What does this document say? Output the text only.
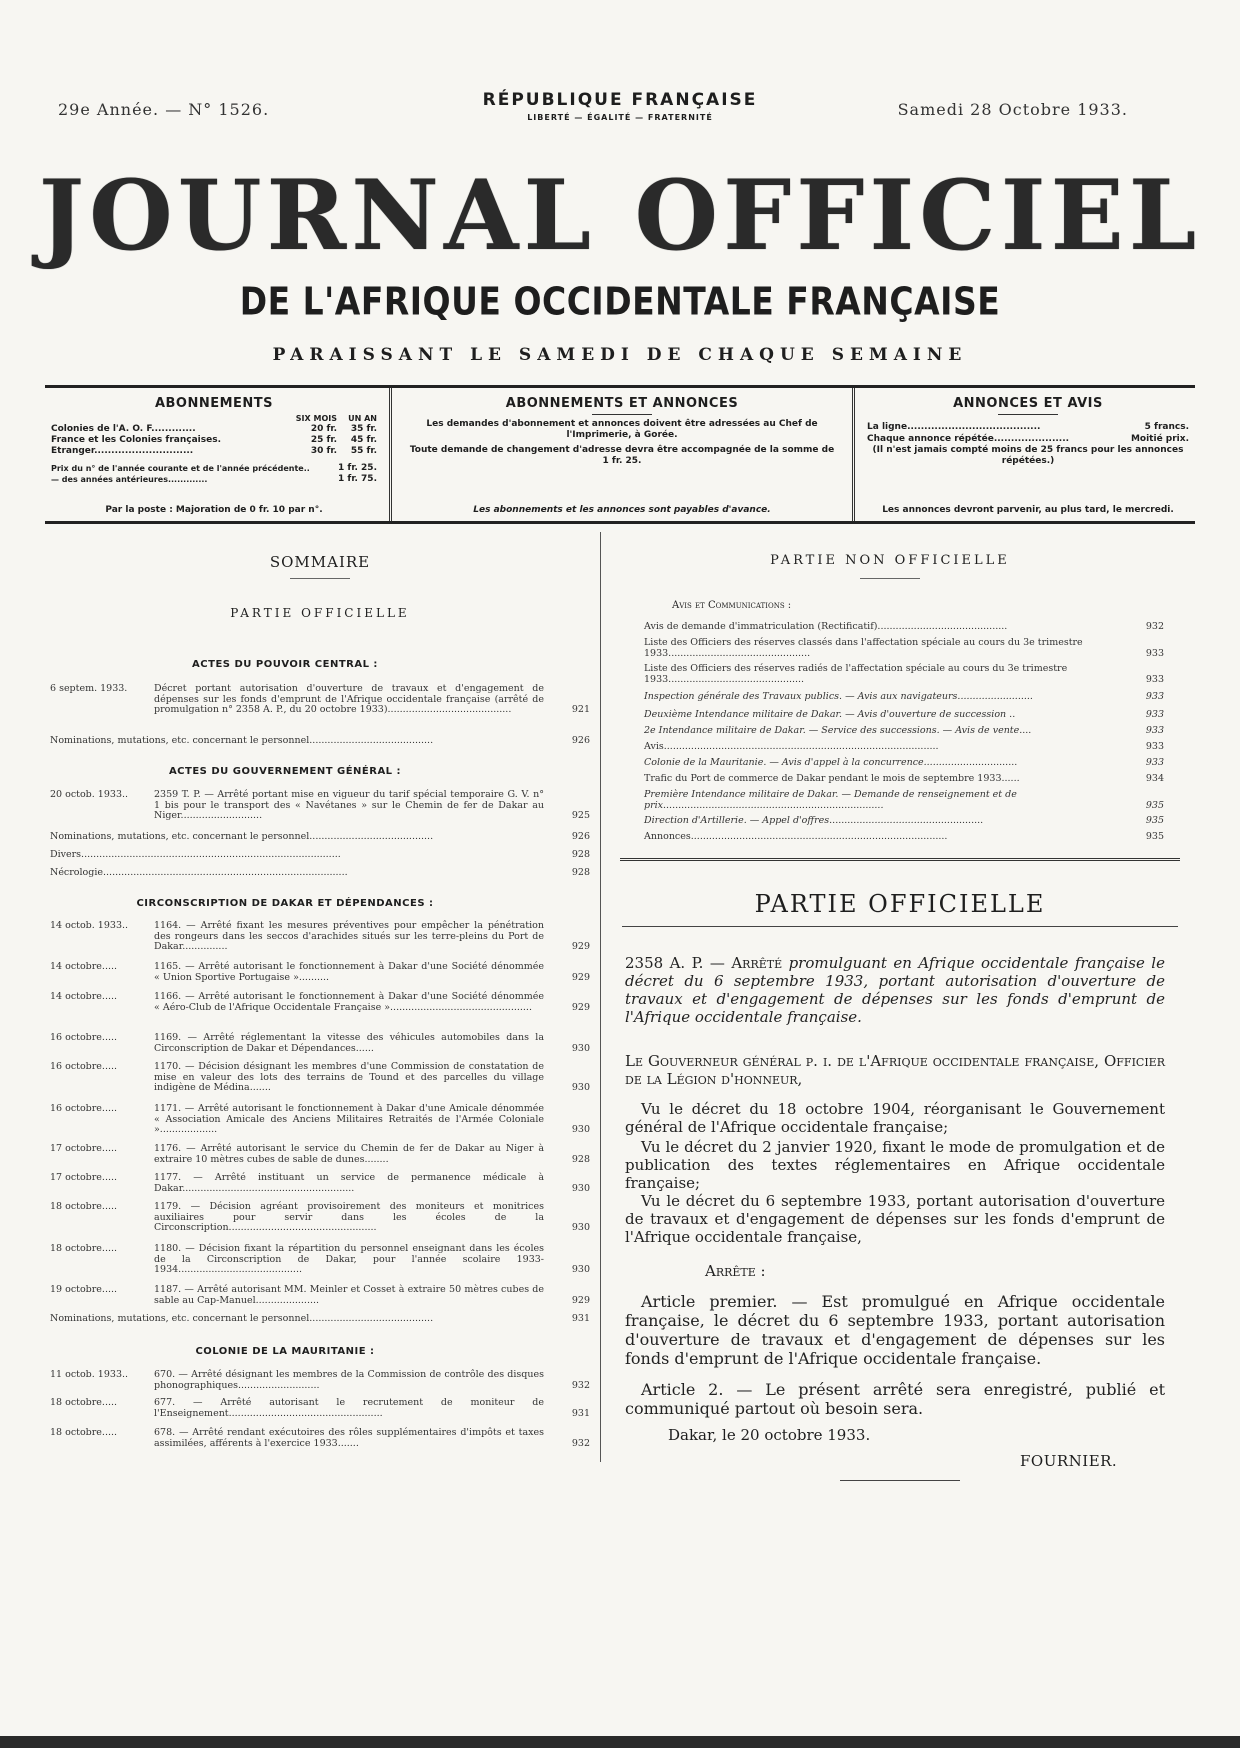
29e Année. — N° 1526.	RÉPUBLIQUE FRANÇAISE
LIBERTÉ — ÉGALITÉ — FRATERNITÉ	Samedi 28 Octobre 1933.
JOURNAL OFFICIEL
DE L'AFRIQUE OCCIDENTALE FRANÇAISE
PARAISSANT LE SAMEDI DE CHAQUE SEMAINE
ABONNEMENTS
SIX MOIS	UN AN
Colonies de l'A. O. F.............	20 fr.	35 fr.
France et les Colonies françaises.	25 fr.	45 fr.
Etranger.............................	30 fr.	55 fr.
Prix du n° de l'année courante et de l'année précédente..	1 fr. 25.
— des années antérieures.............	1 fr. 75.
Par la poste : Majoration de 0 fr. 10 par n°.
ABONNEMENTS ET ANNONCES

Les demandes d'abonnement et annonces doivent être adressées au Chef de l'Imprimerie, à Gorée.

Toute demande de changement d'adresse devra être accompagnée de la somme de 1 fr. 25.

Les abonnements et les annonces sont payables d'avance.
ANNONCES ET AVIS
La ligne.......................................	5 francs.
Chaque annonce répétée......................	Moitié prix.
(Il n'est jamais compté moins de 25 francs pour les annonces répétées.)
Les annonces devront parvenir, au plus tard, le mercredi.
SOMMAIRE
PARTIE OFFICIELLE
ACTES DU POUVOIR CENTRAL :
6 septem. 1933.	Décret portant autorisation d'ouverture de travaux et d'engagement de dépenses sur les fonds d'emprunt de l'Afrique occidentale française (arrêté de promulgation n° 2358 A. P., du 20 octobre 1933).........................................	921
Nominations, mutations, etc. concernant le personnel.........................................	926
ACTES DU GOUVERNEMENT GÉNÉRAL :
20 octob. 1933..	2359 T. P. — Arrêté portant mise en vigueur du tarif spécial temporaire G. V. n° 1 bis pour le transport des « Navétanes » sur le Chemin de fer de Dakar au Niger...........................	925
Nominations, mutations, etc. concernant le personnel.........................................	926
Divers......................................................................................	928
Nécrologie.................................................................................	928
CIRCONSCRIPTION DE DAKAR ET DÉPENDANCES :
14 octob. 1933..	1164. — Arrêté fixant les mesures préventives pour empêcher la pénétration des rongeurs dans les seccos d'arachides situés sur les terre-pleins du Port de Dakar...............	929
14 octobre.....	1165. — Arrêté autorisant le fonctionnement à Dakar d'une Société dénommée « Union Sportive Portugaise »..........	929
14 octobre.....	1166. — Arrêté autorisant le fonctionnement à Dakar d'une Société dénommée « Aéro-Club de l'Afrique Occidentale Française »...............................................	929
16 octobre.....	1169. — Arrêté réglementant la vitesse des véhicules automobiles dans la Circonscription de Dakar et Dépendances......	930
16 octobre.....	1170. — Décision désignant les membres d'une Commission de constatation de mise en valeur des lots des terrains de Tound et des parcelles du village indigène de Médina.......	930
16 octobre.....	1171. — Arrêté autorisant le fonctionnement à Dakar d'une Amicale dénommée « Association Amicale des Anciens Militaires Retraités de l'Armée Coloniale »...................	930
17 octobre.....	1176. — Arrêté autorisant le service du Chemin de fer de Dakar au Niger à extraire 10 mètres cubes de sable de dunes........	928
17 octobre.....	1177. — Arrêté instituant un service de permanence médicale à Dakar.........................................................	930
18 octobre.....	1179. — Décision agréant provisoirement des moniteurs et monitrices auxiliaires pour servir dans les écoles de la Circonscription.................................................	930
18 octobre.....	1180. — Décision fixant la répartition du personnel enseignant dans les écoles de la Circonscription de Dakar, pour l'année scolaire 1933-1934.........................................	930
19 octobre.....	1187. — Arrêté autorisant MM. Meinler et Cosset à extraire 50 mètres cubes de sable au Cap-Manuel.....................	929
Nominations, mutations, etc. concernant le personnel.........................................	931
COLONIE DE LA MAURITANIE :
11 octob. 1933..	670. — Arrêté désignant les membres de la Commission de contrôle des disques phonographiques...........................	932
18 octobre.....	677. — Arrêté autorisant le recrutement de moniteur de l'Enseignement...................................................	931
18 octobre.....	678. — Arrêté rendant exécutoires des rôles supplémentaires d'impôts et taxes assimilées, afférents à l'exercice 1933.......	932
PARTIE NON OFFICIELLE
Avis et Communications :
Avis de demande d'immatriculation (Rectificatif)...........................................	932
Liste des Officiers des réserves classés dans l'affectation spéciale au cours du 3e trimestre 1933...............................................	933
Liste des Officiers des réserves radiés de l'affectation spéciale au cours du 3e trimestre 1933.............................................	933
Inspection générale des Travaux publics. — Avis aux navigateurs.........................	933
Deuxième Intendance militaire de Dakar. — Avis d'ouverture de succession ..	933
2e Intendance militaire de Dakar. — Service des successions. — Avis de vente....	933
Avis...........................................................................................	933
Colonie de la Mauritanie. — Avis d'appel à la concurrence...............................	933
Trafic du Port de commerce de Dakar pendant le mois de septembre 1933......	934
Première Intendance militaire de Dakar. — Demande de renseignement et de prix.........................................................................	935
Direction d'Artillerie. — Appel d'offres...................................................	935
Annonces.....................................................................................	935
PARTIE OFFICIELLE
2358 A. P. — Arrêté promulguant en Afrique occidentale française le décret du 6 septembre 1933, portant autorisation d'ouverture de travaux et d'engagement de dépenses sur les fonds d'emprunt de l'Afrique occidentale française.
Le Gouverneur général p. i. de l'Afrique occidentale française, Officier de la Légion d'honneur,
Vu le décret du 18 octobre 1904, réorganisant le Gouvernement général de l'Afrique occidentale française;
Vu le décret du 2 janvier 1920, fixant le mode de promulgation et de publication des textes réglementaires en Afrique occidentale française;
Vu le décret du 6 septembre 1933, portant autorisation d'ouverture de travaux et d'engagement de dépenses sur les fonds d'emprunt de l'Afrique occidentale française,
Arrête :
Article premier. — Est promulgué en Afrique occidentale française, le décret du 6 septembre 1933, portant autorisation d'ouverture de travaux et d'engagement de dépenses sur les fonds d'emprunt de l'Afrique occidentale française.
Article 2. — Le présent arrêté sera enregistré, publié et communiqué partout où besoin sera.
Dakar, le 20 octobre 1933.
FOURNIER.
